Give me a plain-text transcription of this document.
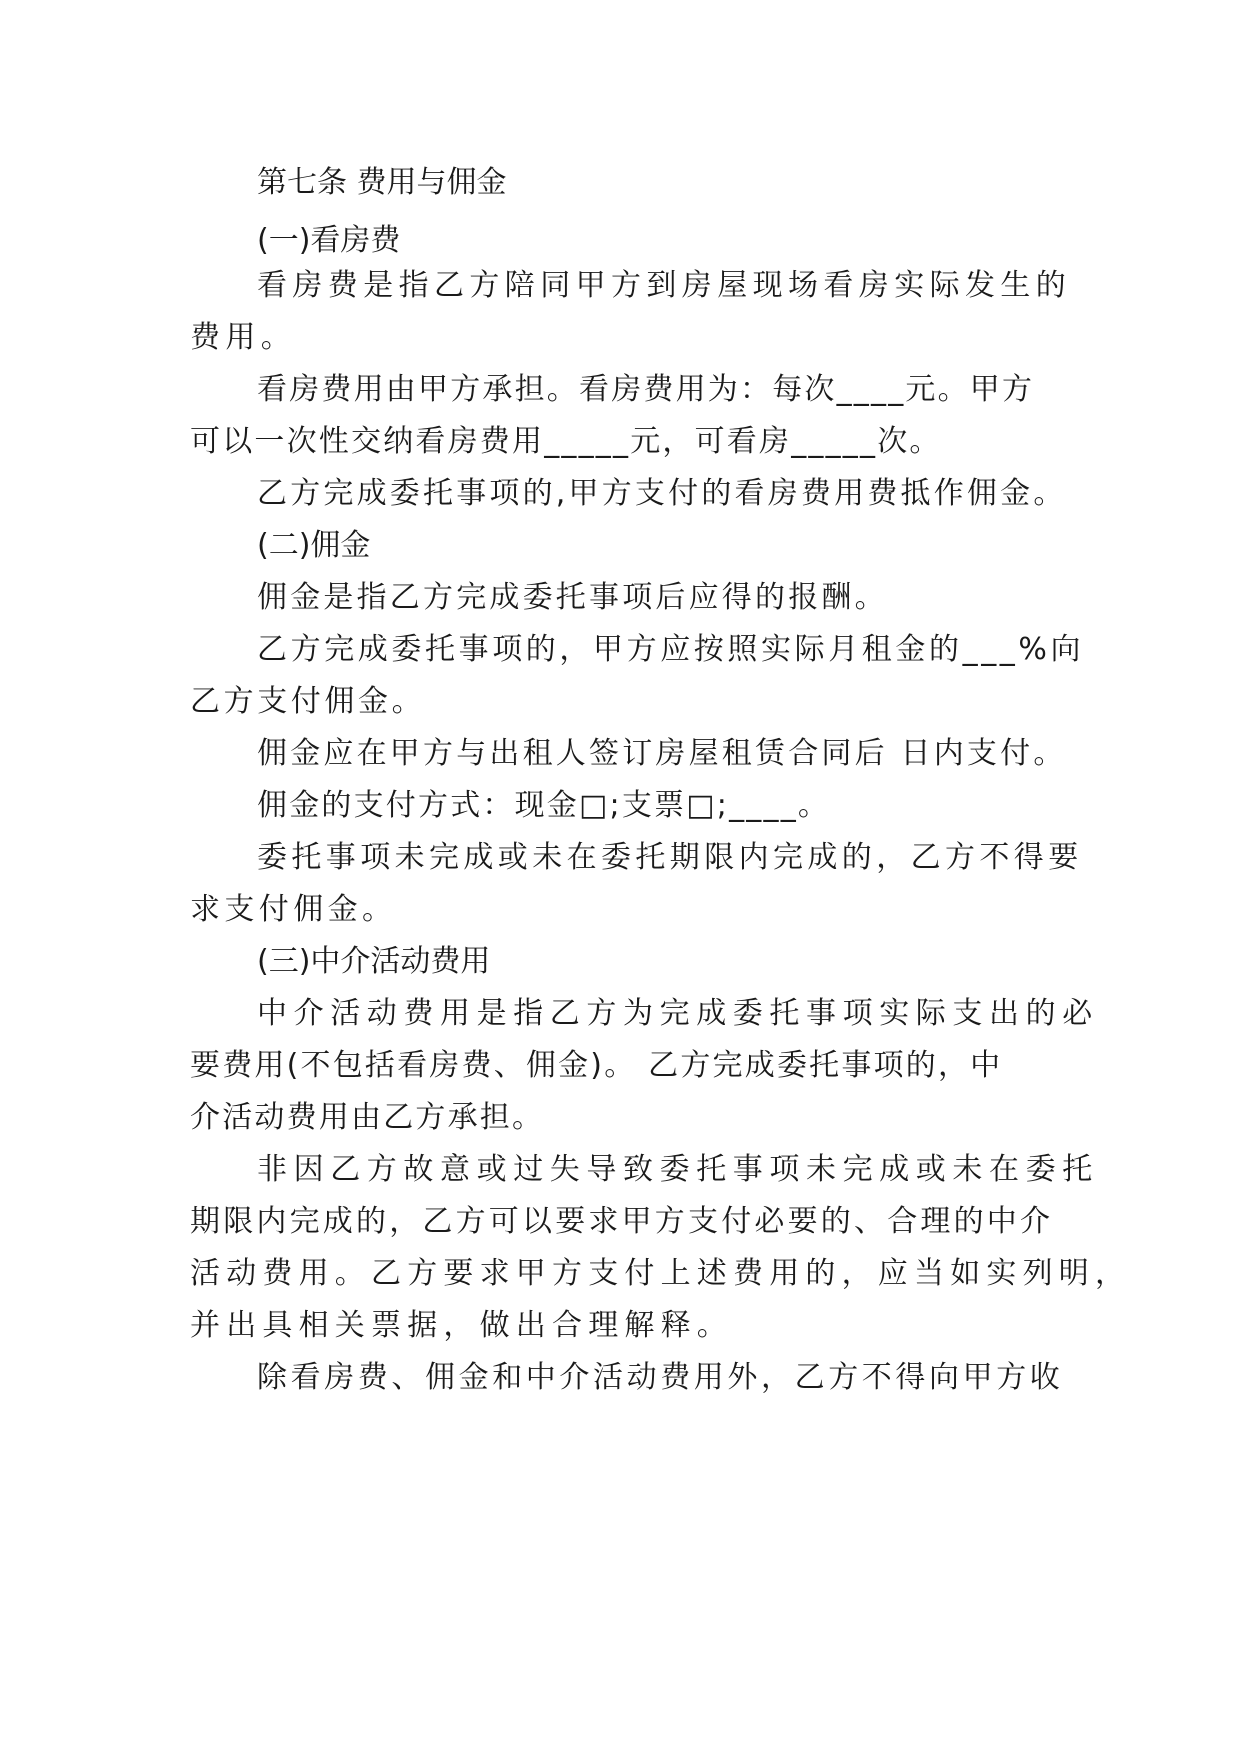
第七条 费用与佣金
(一)看房费
看房费是指乙方陪同甲方到房屋现场看房实际发生的
费用。
看房费用由甲方承担。看房费用为：每次____元。甲方
可以一次性交纳看房费用_____元，可看房_____次。
乙方完成委托事项的,甲方支付的看房费用费抵作佣金。
(二)佣金
佣金是指乙方完成委托事项后应得的报酬。
乙方完成委托事项的，甲方应按照实际月租金的___%向
乙方支付佣金。
佣金应在甲方与出租人签订房屋租赁合同后 日内支付。
佣金的支付方式：现金□;支票□;____。
委托事项未完成或未在委托期限内完成的，乙方不得要
求支付佣金。
(三)中介活动费用
中介活动费用是指乙方为完成委托事项实际支出的必
要费用(不包括看房费、佣金)。 乙方完成委托事项的，中
介活动费用由乙方承担。
非因乙方故意或过失导致委托事项未完成或未在委托
期限内完成的，乙方可以要求甲方支付必要的、合理的中介
活动费用。乙方要求甲方支付上述费用的，应当如实列明，
并出具相关票据，做出合理解释。
除看房费、佣金和中介活动费用外，乙方不得向甲方收
